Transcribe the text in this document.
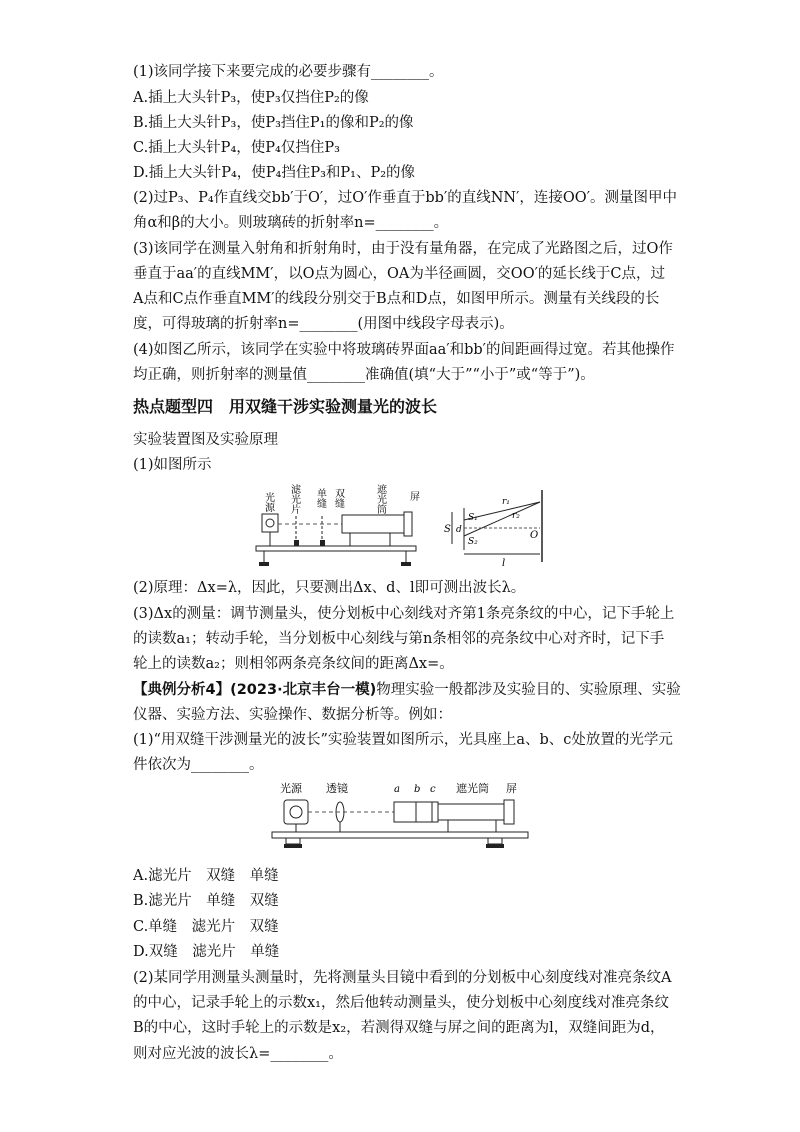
(1)该同学接下来要完成的必要步骤有________。
A.插上大头针P₃，使P₃仅挡住P₂的像
B.插上大头针P₃，使P₃挡住P₁的像和P₂的像
C.插上大头针P₄，使P₄仅挡住P₃
D.插上大头针P₄，使P₄挡住P₃和P₁、P₂的像
(2)过P₃、P₄作直线交bb′于O′，过O′作垂直于bb′的直线NN′，连接OO′。测量图甲中
角α和β的大小。则玻璃砖的折射率n=________。
(3)该同学在测量入射角和折射角时，由于没有量角器，在完成了光路图之后，过O作
垂直于aa′的直线MM′，以O点为圆心，OA为半径画圆，交OO′的延长线于C点，过
A点和C点作垂直MM′的线段分别交于B点和D点，如图甲所示。测量有关线段的长
度，可得玻璃的折射率n=________(用图中线段字母表示)。
(4)如图乙所示，该同学在实验中将玻璃砖界面aa′和bb′的间距画得过宽。若其他操作
均正确，则折射率的测量值________准确值(填“大于”“小于”或“等于”)。
热点题型四　用双缝干涉实验测量光的波长
实验装置图及实验原理
(1)如图所示
光源 滤光片 单缝 双缝	遮光筒 屏
S
S₁
S₂
d
r₁
r₂
O
l
(2)原理：Δx=λ，因此，只要测出Δx、d、l即可测出波长λ。
(3)Δx的测量：调节测量头，使分划板中心刻线对齐第1条亮条纹的中心，记下手轮上
的读数a₁；转动手轮，当分划板中心刻线与第n条相邻的亮条纹中心对齐时，记下手
轮上的读数a₂；则相邻两条亮条纹间的距离Δx=。
【典例分析4】(2023·北京丰台一模)物理实验一般都涉及实验目的、实验原理、实验
仪器、实验方法、实验操作、数据分析等。例如：
(1)“用双缝干涉测量光的波长”实验装置如图所示，光具座上a、b、c处放置的光学元
件依次为________。
光源 透镜	a b c 遮光筒 屏
A.滤光片　双缝　单缝
B.滤光片　单缝　双缝
C.单缝　滤光片　双缝
D.双缝　滤光片　单缝
(2)某同学用测量头测量时，先将测量头目镜中看到的分划板中心刻度线对准亮条纹A
的中心，记录手轮上的示数x₁，然后他转动测量头，使分划板中心刻度线对准亮条纹
B的中心，这时手轮上的示数是x₂，若测得双缝与屏之间的距离为l，双缝间距为d，
则对应光波的波长λ=________。
